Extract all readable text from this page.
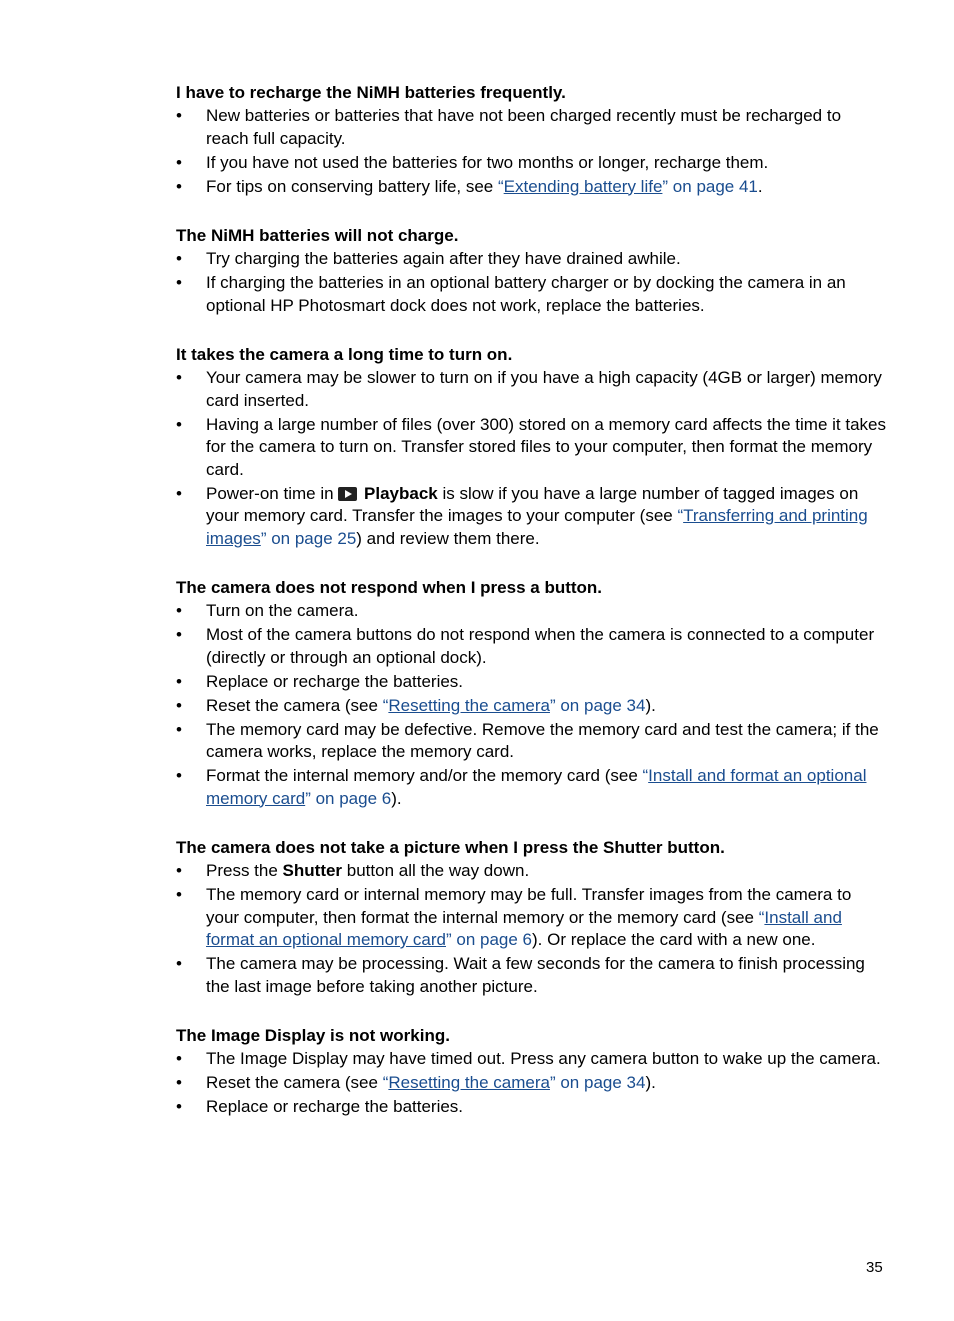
I have to recharge the NiMH batteries frequently.
• New batteries or batteries that have not been charged recently must be recharged to reach full capacity.
• If you have not used the batteries for two months or longer, recharge them.
• For tips on conserving battery life, see “Extending battery life” on page 41.
The NiMH batteries will not charge.
• Try charging the batteries again after they have drained awhile.
• If charging the batteries in an optional battery charger or by docking the camera in an optional HP Photosmart dock does not work, replace the batteries.
It takes the camera a long time to turn on.
• Your camera may be slower to turn on if you have a high capacity (4GB or larger) memory card inserted.
• Having a large number of files (over 300) stored on a memory card affects the time it takes for the camera to turn on. Transfer stored files to your computer, then format the memory card.
• Power-on time in  Playback is slow if you have a large number of tagged images on your memory card. Transfer the images to your computer (see “Transferring and printing images” on page 25) and review them there.
The camera does not respond when I press a button.
• Turn on the camera.
• Most of the camera buttons do not respond when the camera is connected to a computer (directly or through an optional dock).
• Replace or recharge the batteries.
• Reset the camera (see “Resetting the camera” on page 34).
• The memory card may be defective. Remove the memory card and test the camera; if the camera works, replace the memory card.
• Format the internal memory and/or the memory card (see “Install and format an optional memory card” on page 6).
The camera does not take a picture when I press the Shutter button.
• Press the Shutter button all the way down.
• The memory card or internal memory may be full. Transfer images from the camera to your computer, then format the internal memory or the memory card (see “Install and format an optional memory card” on page 6). Or replace the card with a new one.
• The camera may be processing. Wait a few seconds for the camera to finish processing the last image before taking another picture.
The Image Display is not working.
• The Image Display may have timed out. Press any camera button to wake up the camera.
• Reset the camera (see “Resetting the camera” on page 34).
• Replace or recharge the batteries.
35
